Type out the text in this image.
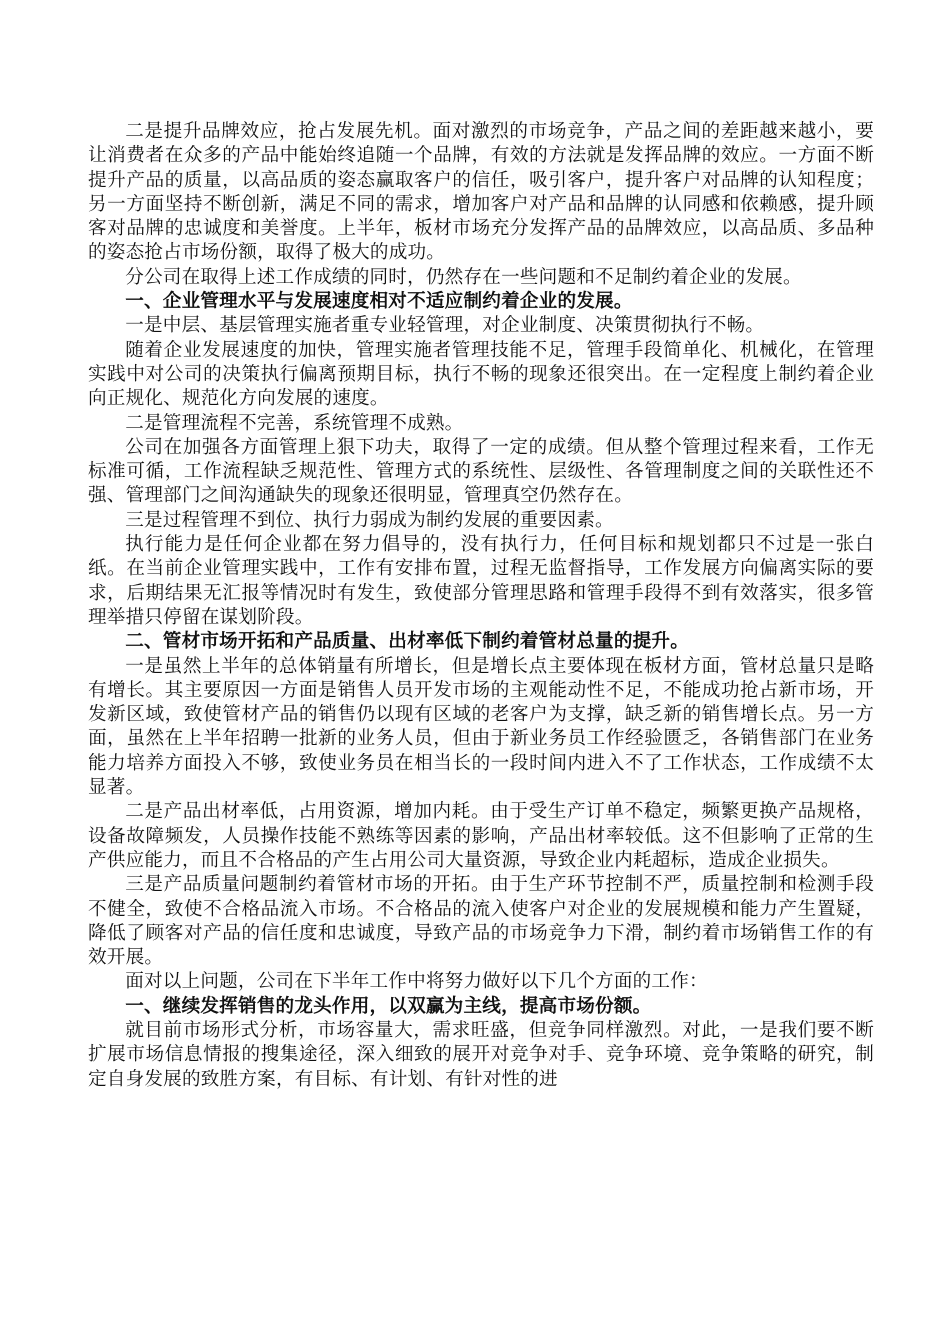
二是提升品牌效应，抢占发展先机。面对激烈的市场竞争，产品之间的差距越来越小，要让消费者在众多的产品中能始终追随一个品牌，有效的方法就是发挥品牌的效应。一方面不断提升产品的质量，以高品质的姿态赢取客户的信任，吸引客户，提升客户对品牌的认知程度；另一方面坚持不断创新，满足不同的需求，增加客户对产品和品牌的认同感和依赖感，提升顾客对品牌的忠诚度和美誉度。上半年，板材市场充分发挥产品的品牌效应，以高品质、多品种的姿态抢占市场份额，取得了极大的成功。

分公司在取得上述工作成绩的同时，仍然存在一些问题和不足制约着企业的发展。

一、企业管理水平与发展速度相对不适应制约着企业的发展。

一是中层、基层管理实施者重专业轻管理，对企业制度、决策贯彻执行不畅。

随着企业发展速度的加快，管理实施者管理技能不足，管理手段简单化、机械化，在管理实践中对公司的决策执行偏离预期目标，执行不畅的现象还很突出。在一定程度上制约着企业向正规化、规范化方向发展的速度。

二是管理流程不完善，系统管理不成熟。

公司在加强各方面管理上狠下功夫，取得了一定的成绩。但从整个管理过程来看，工作无标准可循，工作流程缺乏规范性、管理方式的系统性、层级性、各管理制度之间的关联性还不强、管理部门之间沟通缺失的现象还很明显，管理真空仍然存在。

三是过程管理不到位、执行力弱成为制约发展的重要因素。

执行能力是任何企业都在努力倡导的，没有执行力，任何目标和规划都只不过是一张白纸。在当前企业管理实践中，工作有安排布置，过程无监督指导，工作发展方向偏离实际的要求，后期结果无汇报等情况时有发生，致使部分管理思路和管理手段得不到有效落实，很多管理举措只停留在谋划阶段。

二、管材市场开拓和产品质量、出材率低下制约着管材总量的提升。

一是虽然上半年的总体销量有所增长，但是增长点主要体现在板材方面，管材总量只是略有增长。其主要原因一方面是销售人员开发市场的主观能动性不足，不能成功抢占新市场，开发新区域，致使管材产品的销售仍以现有区域的老客户为支撑，缺乏新的销售增长点。另一方面，虽然在上半年招聘一批新的业务人员，但由于新业务员工作经验匮乏，各销售部门在业务能力培养方面投入不够，致使业务员在相当长的一段时间内进入不了工作状态，工作成绩不太显著。

二是产品出材率低，占用资源，增加内耗。由于受生产订单不稳定，频繁更换产品规格，设备故障频发，人员操作技能不熟练等因素的影响，产品出材率较低。这不但影响了正常的生产供应能力，而且不合格品的产生占用公司大量资源，导致企业内耗超标，造成企业损失。

三是产品质量问题制约着管材市场的开拓。由于生产环节控制不严，质量控制和检测手段不健全，致使不合格品流入市场。不合格品的流入使客户对企业的发展规模和能力产生置疑，降低了顾客对产品的信任度和忠诚度，导致产品的市场竞争力下滑，制约着市场销售工作的有效开展。

面对以上问题，公司在下半年工作中将努力做好以下几个方面的工作：

一、继续发挥销售的龙头作用，以双赢为主线，提高市场份额。

就目前市场形式分析，市场容量大，需求旺盛，但竞争同样激烈。对此，一是我们要不断扩展市场信息情报的搜集途径，深入细致的展开对竞争对手、竞争环境、竞争策略的研究，制定自身发展的致胜方案，有目标、有计划、有针对性的进
